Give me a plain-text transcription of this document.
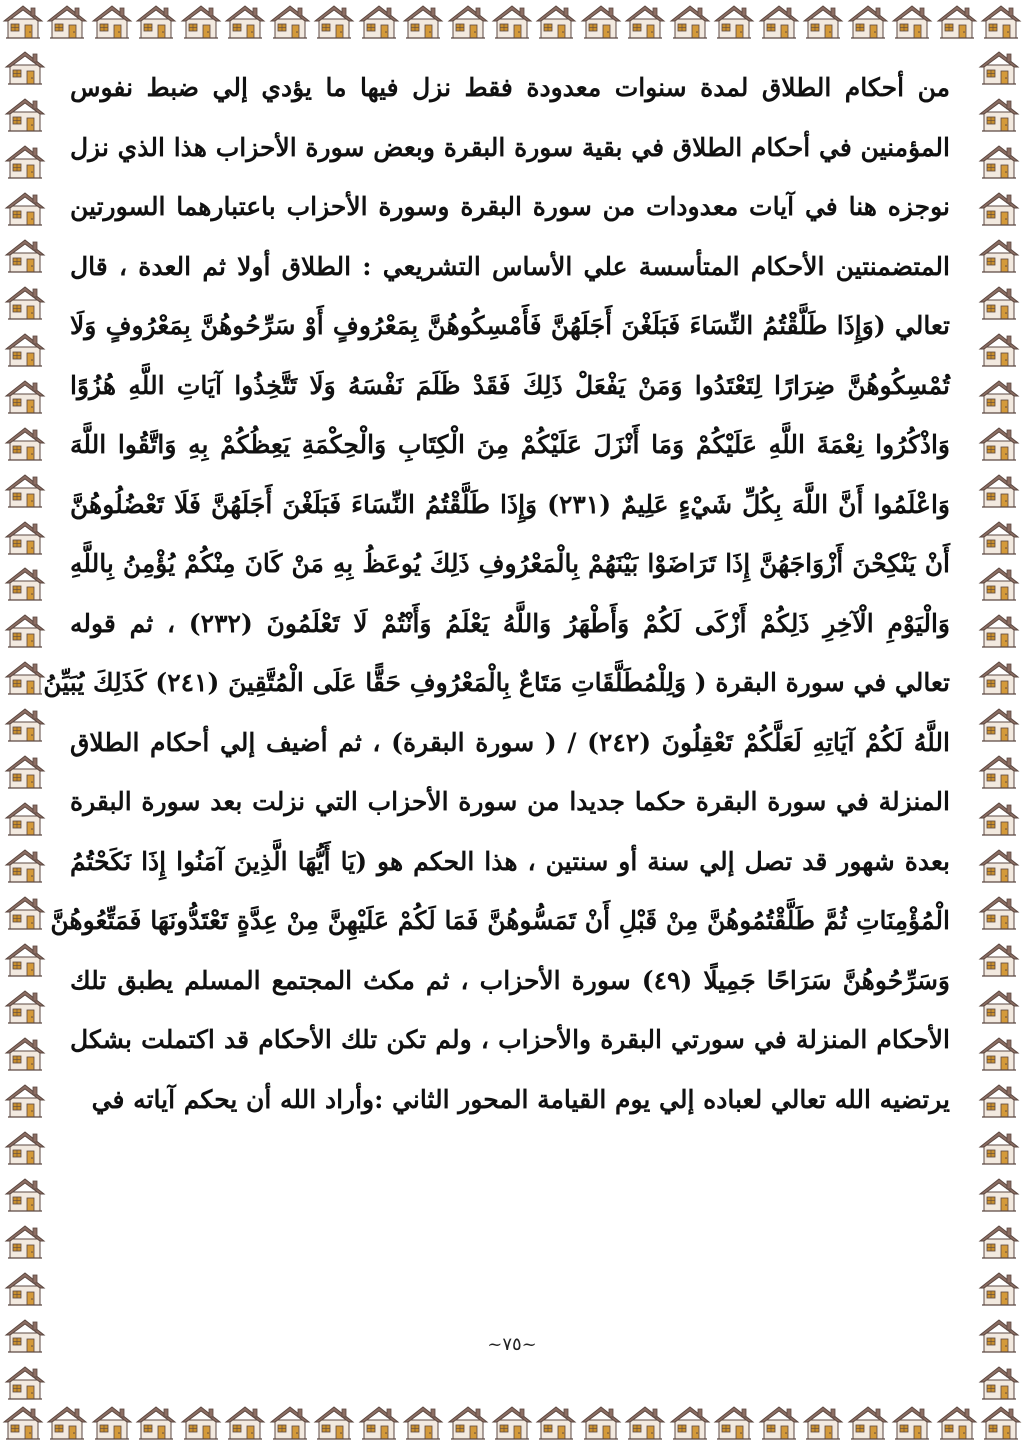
من أحكام الطلاق لمدة سنوات معدودة فقط نزل فيها ما يؤدي إلي ضبط نفوس
المؤمنين في أحكام الطلاق في بقية سورة البقرة وبعض سورة الأحزاب هذا الذي نزل
نوجزه هنا في آيات معدودات من سورة البقرة وسورة الأحزاب باعتبارهما السورتين
المتضمنتين الأحكام المتأسسة علي الأساس التشريعي : الطلاق أولا ثم العدة ، قال
تعالي (وَإِذَا طَلَّقْتُمُ النِّسَاءَ فَبَلَغْنَ أَجَلَهُنَّ فَأَمْسِكُوهُنَّ بِمَعْرُوفٍ أَوْ سَرِّحُوهُنَّ بِمَعْرُوفٍ وَلَا
تُمْسِكُوهُنَّ ضِرَارًا لِتَعْتَدُوا وَمَنْ يَفْعَلْ ذَلِكَ فَقَدْ ظَلَمَ نَفْسَهُ وَلَا تَتَّخِذُوا آيَاتِ اللَّهِ هُزُوًا
وَاذْكُرُوا نِعْمَةَ اللَّهِ عَلَيْكُمْ وَمَا أَنْزَلَ عَلَيْكُمْ مِنَ الْكِتَابِ وَالْحِكْمَةِ يَعِظُكُمْ بِهِ وَاتَّقُوا اللَّهَ
وَاعْلَمُوا أَنَّ اللَّهَ بِكُلِّ شَيْءٍ عَلِيمٌ (٢٣١) وَإِذَا طَلَّقْتُمُ النِّسَاءَ فَبَلَغْنَ أَجَلَهُنَّ فَلَا تَعْضُلُوهُنَّ
أَنْ يَنْكِحْنَ أَزْوَاجَهُنَّ إِذَا تَرَاضَوْا بَيْنَهُمْ بِالْمَعْرُوفِ ذَلِكَ يُوعَظُ بِهِ مَنْ كَانَ مِنْكُمْ يُؤْمِنُ بِاللَّهِ
وَالْيَوْمِ الْآخِرِ ذَلِكُمْ أَزْكَى لَكُمْ وَأَطْهَرُ وَاللَّهُ يَعْلَمُ وَأَنْتُمْ لَا تَعْلَمُونَ (٢٣٢) ، ثم قوله
تعالي في سورة البقرة ( وَلِلْمُطَلَّقَاتِ مَتَاعٌ بِالْمَعْرُوفِ حَقًّا عَلَى الْمُتَّقِينَ (٢٤١) كَذَلِكَ يُبَيِّنُ
اللَّهُ لَكُمْ آيَاتِهِ لَعَلَّكُمْ تَعْقِلُونَ (٢٤٢) / ( سورة البقرة) ، ثم أضيف إلي أحكام الطلاق
المنزلة في سورة البقرة حكما جديدا من سورة الأحزاب التي نزلت بعد سورة البقرة
بعدة شهور قد تصل إلي سنة أو سنتين ، هذا الحكم هو (يَا أَيُّهَا الَّذِينَ آمَنُوا إِذَا نَكَحْتُمُ
الْمُؤْمِنَاتِ ثُمَّ طَلَّقْتُمُوهُنَّ مِنْ قَبْلِ أَنْ تَمَسُّوهُنَّ فَمَا لَكُمْ عَلَيْهِنَّ مِنْ عِدَّةٍ تَعْتَدُّونَهَا فَمَتِّعُوهُنَّ
وَسَرِّحُوهُنَّ سَرَاحًا جَمِيلًا (٤٩) سورة الأحزاب ، ثم مكث المجتمع المسلم يطبق تلك
الأحكام المنزلة في سورتي البقرة والأحزاب ، ولم تكن تلك الأحكام قد اكتملت بشكل
يرتضيه الله تعالي لعباده إلي يوم القيامة المحور الثاني :وأراد الله أن يحكم آياته في
~٧٥~
